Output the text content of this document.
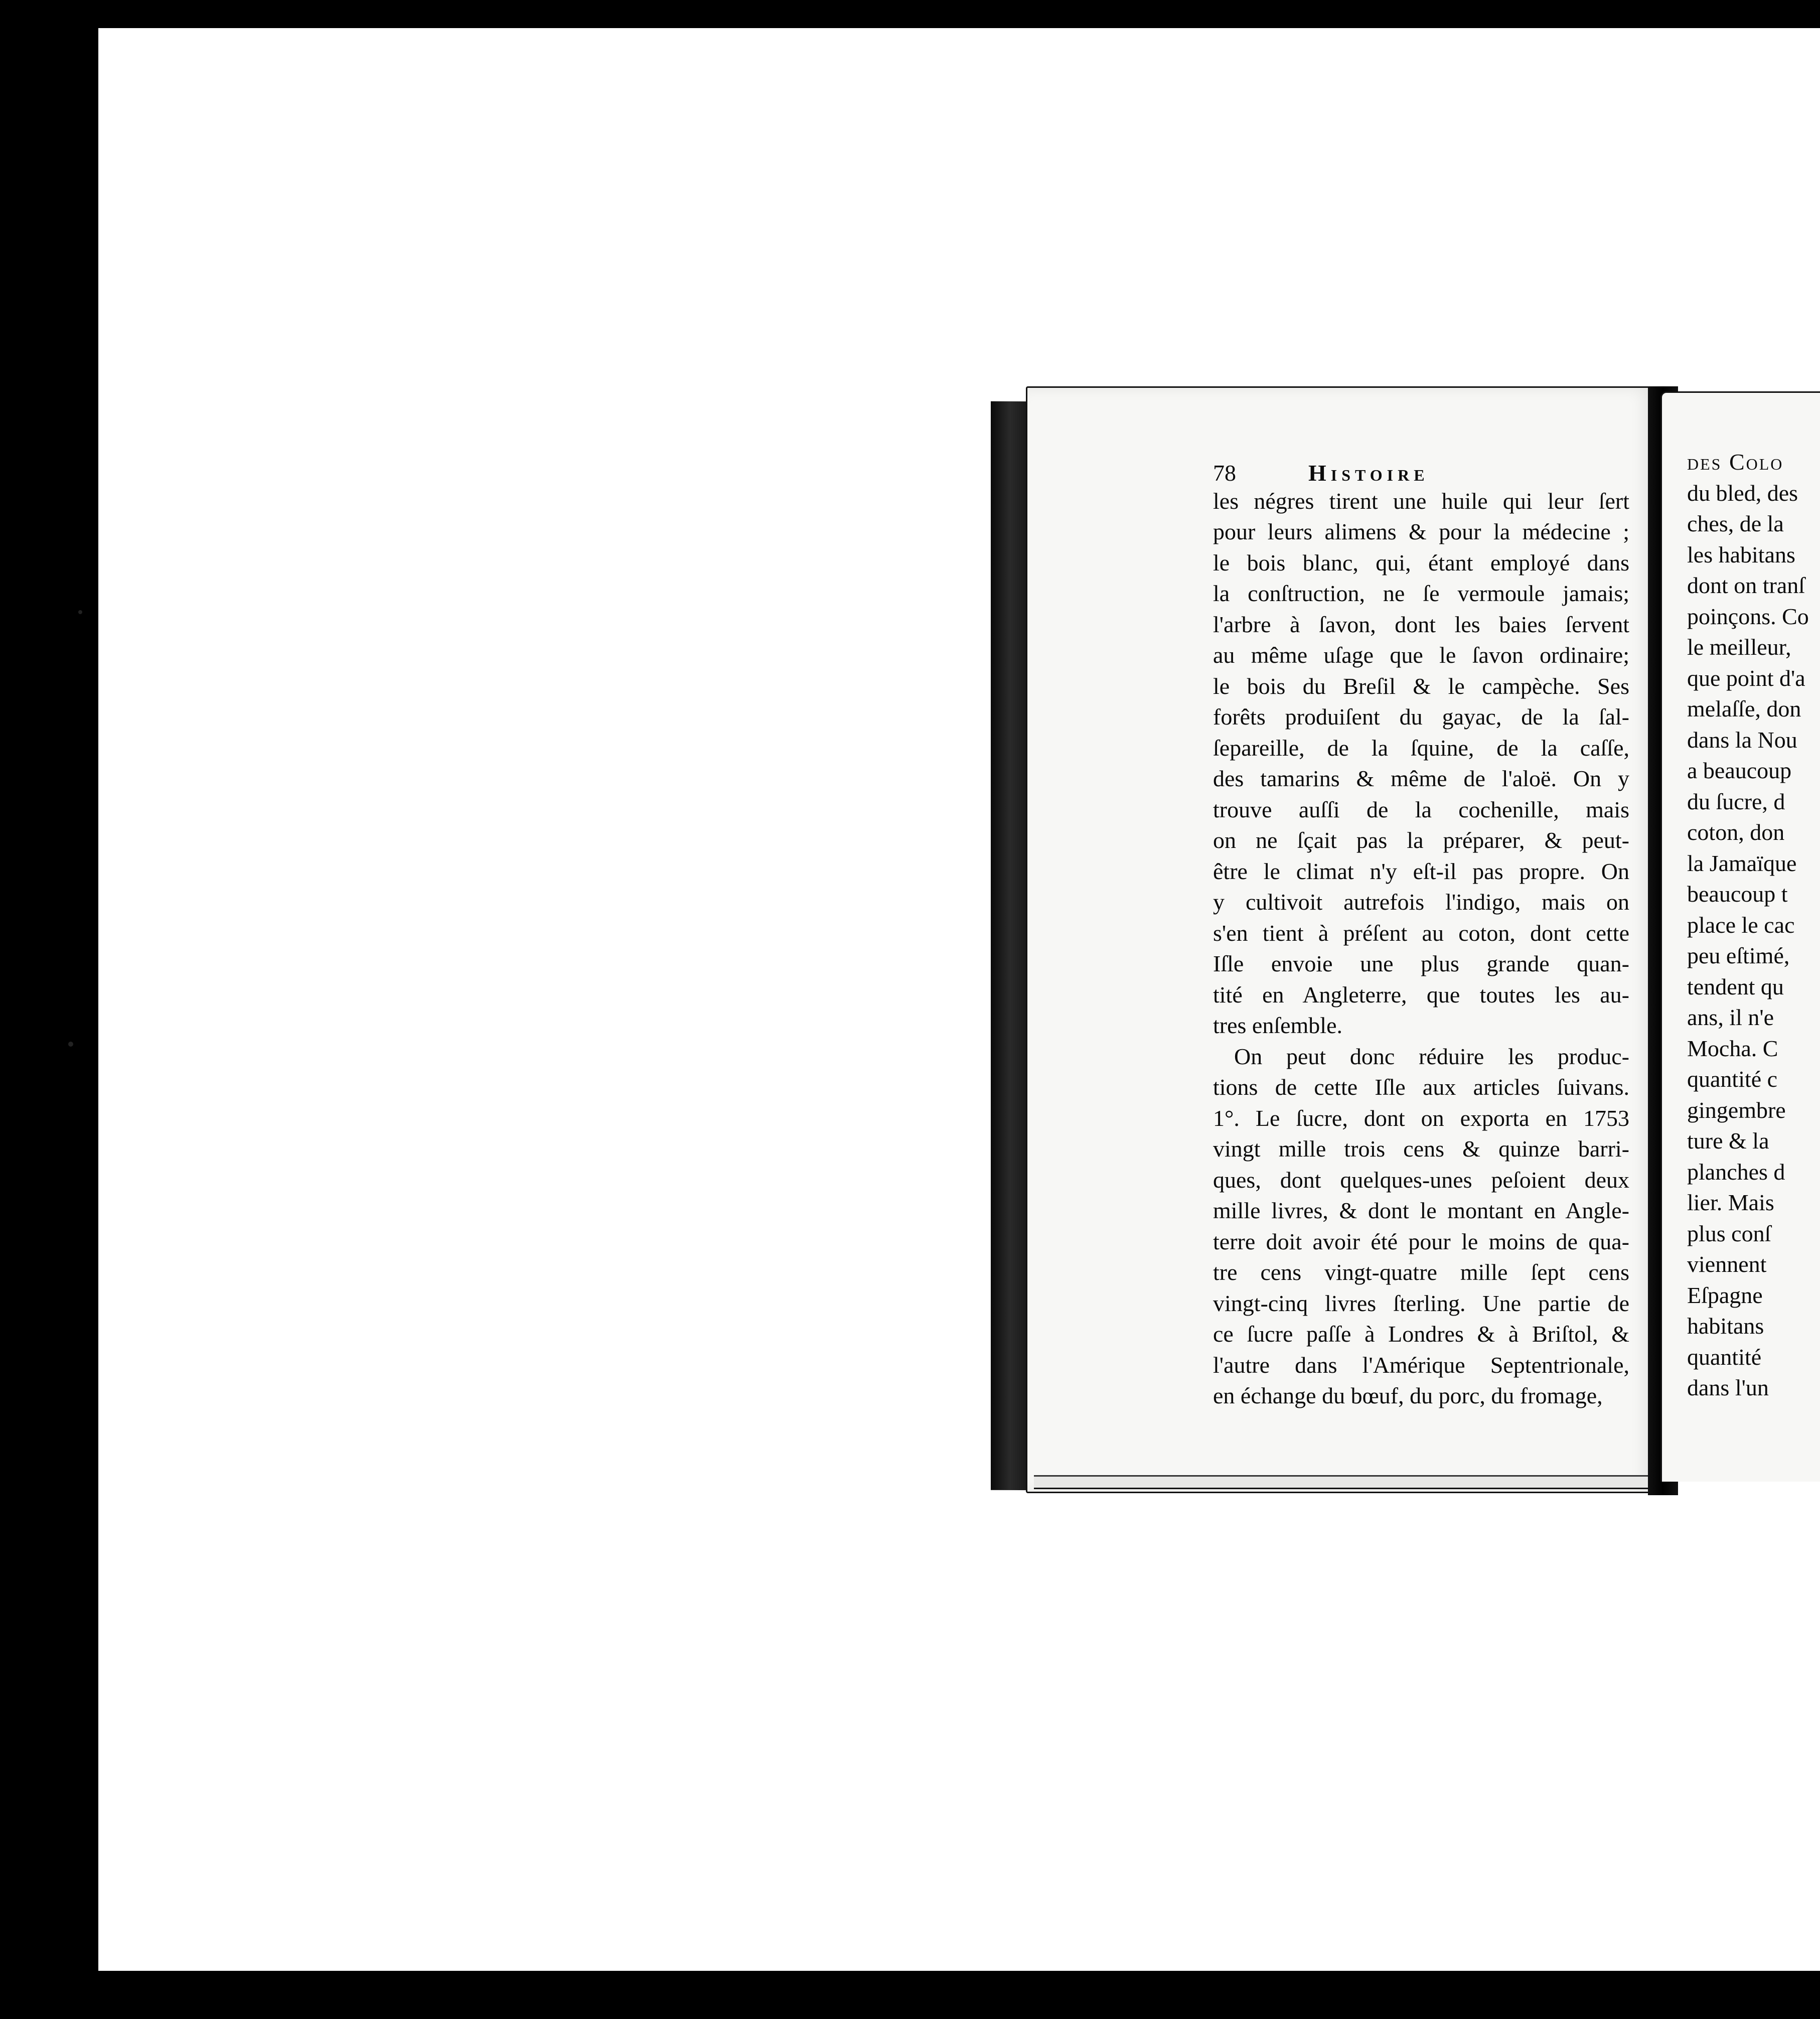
78	Histoire
les négres tirent une huile qui leur ſert
pour leurs alimens & pour la médecine ;
le bois blanc, qui, étant employé dans
la conſtruction, ne ſe vermoule jamais;
l'arbre à ſavon, dont les baies ſervent
au même uſage que le ſavon ordinaire;
le bois du Breſil & le campèche. Ses
forêts produiſent du gayac, de la ſal-
ſepareille, de la ſquine, de la caſſe,
des tamarins & même de l'aloë. On y
trouve auſſi de la cochenille, mais
on ne ſçait pas la préparer, & peut-
être le climat n'y eſt-il pas propre. On
y cultivoit autrefois l'indigo, mais on
s'en tient à préſent au coton, dont cette
Iſle envoie une plus grande quan-
tité en Angleterre, que toutes les au-
tres enſemble.
On peut donc réduire les produc-
tions de cette Iſle aux articles ſuivans.
1°. Le ſucre, dont on exporta en 1753
vingt mille trois cens & quinze barri-
ques, dont quelques-unes peſoient deux
mille livres, & dont le montant en Angle-
terre doit avoir été pour le moins de qua-
tre cens vingt-quatre mille ſept cens
vingt-cinq livres ſterling. Une partie de
ce ſucre paſſe à Londres & à Briſtol, &
l'autre dans l'Amérique Septentrionale,
en échange du bœuf, du porc, du fromage,
des Colo
du bled, des
ches, de la
les habitans
dont on tranſ
poinçons. Co
le meilleur,
que point d'a
melaſſe, don
dans la Nou
a beaucoup
du ſucre, d
coton, don
la Jamaïque
beaucoup t
place le cac
peu eſtimé,
tendent qu
ans, il n'e
Mocha. C
quantité c
gingembre
ture & la
planches d
lier. Mais
plus conſ
viennent
Eſpagne
habitans
quantité
dans l'un
